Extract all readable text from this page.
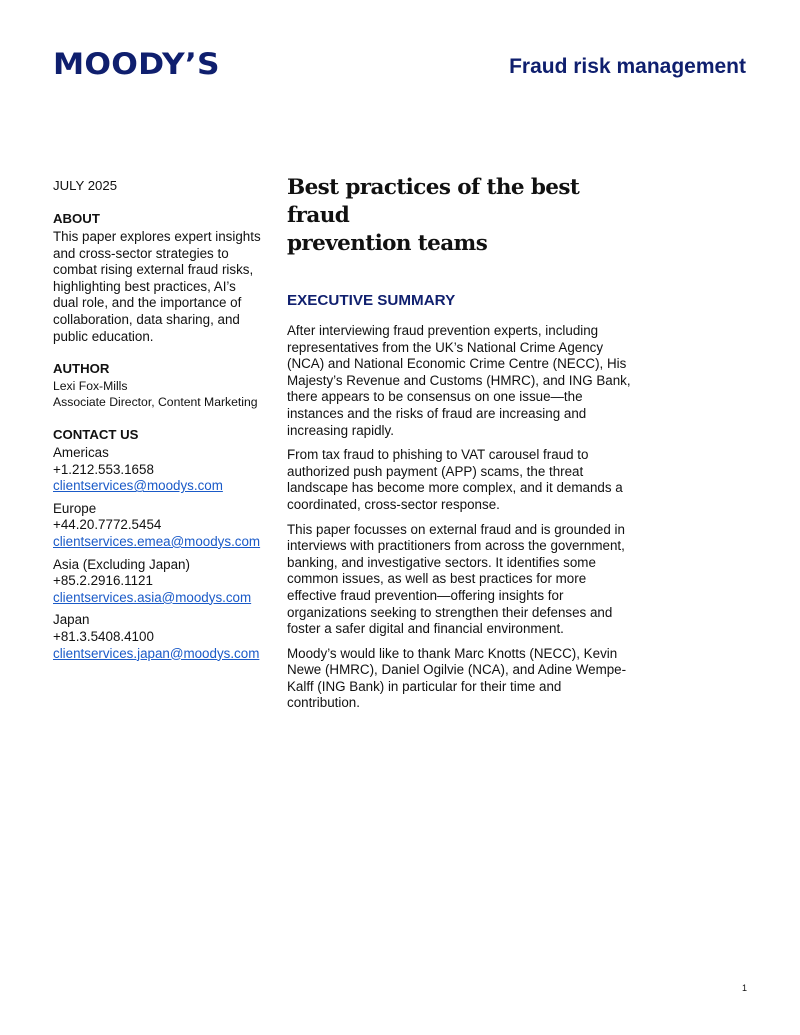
MOODY’S	Fraud risk management
JULY 2025
ABOUT
This paper explores expert insights
and cross-sector strategies to
combat rising external fraud risks,
highlighting best practices, AI’s
dual role, and the importance of
collaboration, data sharing, and
public education.
AUTHOR
Lexi Fox-Mills
Associate Director, Content Marketing
CONTACT US
Americas
+1.212.553.1658
clientservices@moodys.com
Europe
+44.20.7772.5454
clientservices.emea@moodys.com
Asia (Excluding Japan)
+85.2.2916.1121
clientservices.asia@moodys.com
Japan
+81.3.5408.4100
clientservices.japan@moodys.com
Best practices of the best fraud
prevention teams
EXECUTIVE SUMMARY
After interviewing fraud prevention experts, including
representatives from the UK’s National Crime Agency
(NCA) and National Economic Crime Centre (NECC), His
Majesty’s Revenue and Customs (HMRC), and ING Bank,
there appears to be consensus on one issue—the
instances and the risks of fraud are increasing and
increasing rapidly.
From tax fraud to phishing to VAT carousel fraud to
authorized push payment (APP) scams, the threat
landscape has become more complex, and it demands a
coordinated, cross-sector response.
This paper focusses on external fraud and is grounded in
interviews with practitioners from across the government,
banking, and investigative sectors. It identifies some
common issues, as well as best practices for more
effective fraud prevention—offering insights for
organizations seeking to strengthen their defenses and
foster a safer digital and financial environment.
Moody’s would like to thank Marc Knotts (NECC), Kevin
Newe (HMRC), Daniel Ogilvie (NCA), and Adine Wempe-
Kalff (ING Bank) in particular for their time and
contribution.
1
